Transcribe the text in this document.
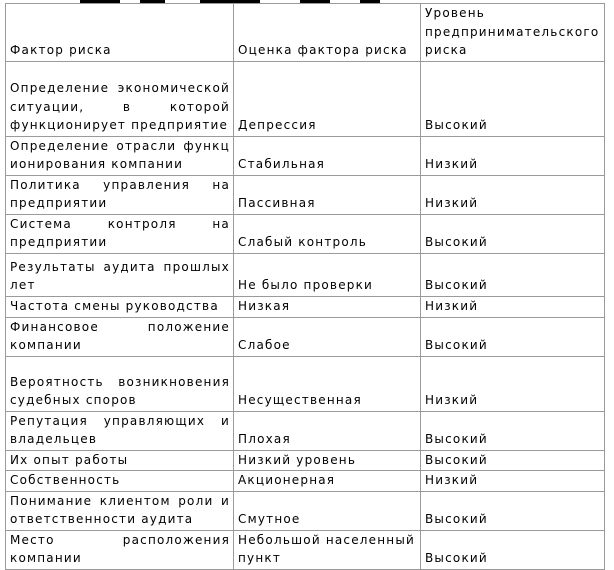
Фактор риска	Оценка фактора риска	Уровень предпринимательского риска
Определение экономической ситуации, в которой функционирует предприятие	Депрессия	Высокий
Определение отрасли функционирования компании	Стабильная	Низкий
Политика управления на предприятии	Пассивная	Низкий
Система контроля на предприятии	Слабый контроль	Высокий
Результаты аудита прошлых лет	Не было проверки	Высокий
Частота смены руководства	Низкая	Низкий
Финансовое положение компании	Слабое	Высокий
Вероятность возникновения судебных споров	Несущественная	Низкий
Репутация управляющих и владельцев	Плохая	Высокий
Их опыт работы	Низкий уровень	Высокий
Собственность	Акционерная	Низкий
Понимание клиентом роли и ответственности аудита	Смутное	Высокий
Место расположения компании	Небольшой населенный пункт	Высокий
